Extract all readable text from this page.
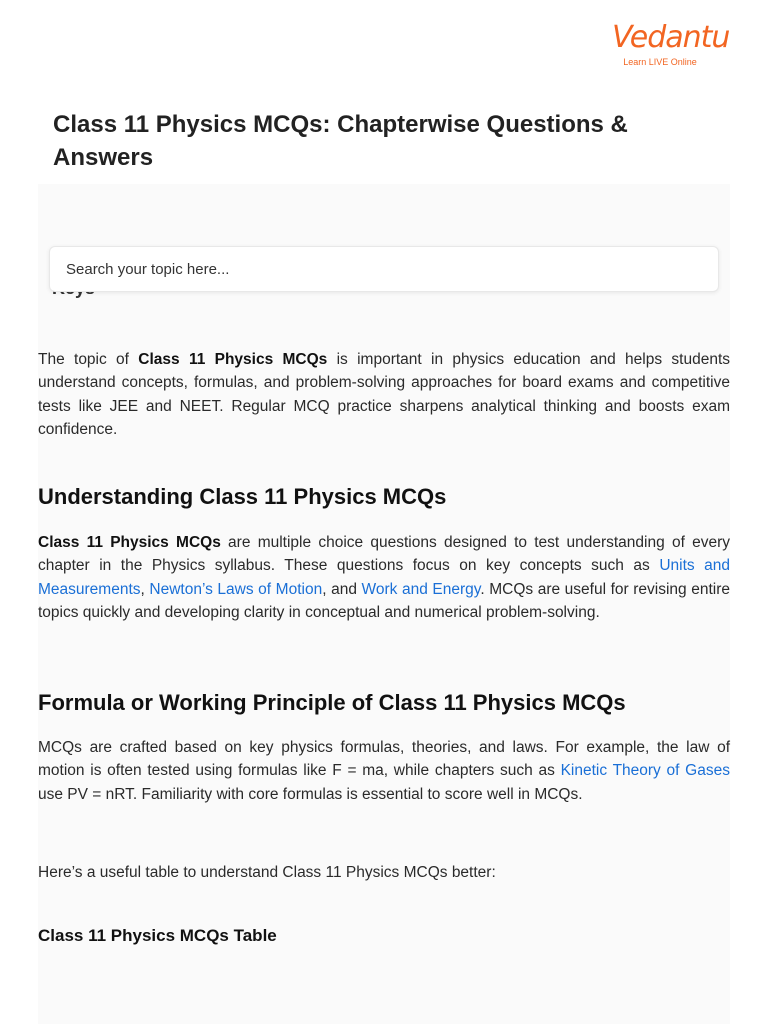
Vedantu
Learn LIVE Online
Class 11 Physics MCQs: Chapterwise Questions & Answers
Search your topic here...

The topic of Class 11 Physics MCQs is important in physics education and helps students understand concepts, formulas, and problem-solving approaches for board exams and competitive tests like JEE and NEET. Regular MCQ practice sharpens analytical thinking and boosts exam confidence.

Understanding Class 11 Physics MCQs

Class 11 Physics MCQs are multiple choice questions designed to test understanding of every chapter in the Physics syllabus. These questions focus on key concepts such as Units and Measurements, Newton’s Laws of Motion, and Work and Energy. MCQs are useful for revising entire topics quickly and developing clarity in conceptual and numerical problem-solving.

Formula or Working Principle of Class 11 Physics MCQs

MCQs are crafted based on key physics formulas, theories, and laws. For example, the law of motion is often tested using formulas like F = ma, while chapters such as Kinetic Theory of Gases use PV = nRT. Familiarity with core formulas is essential to score well in MCQs.

Here’s a useful table to understand Class 11 Physics MCQs better:

Class 11 Physics MCQs Table
